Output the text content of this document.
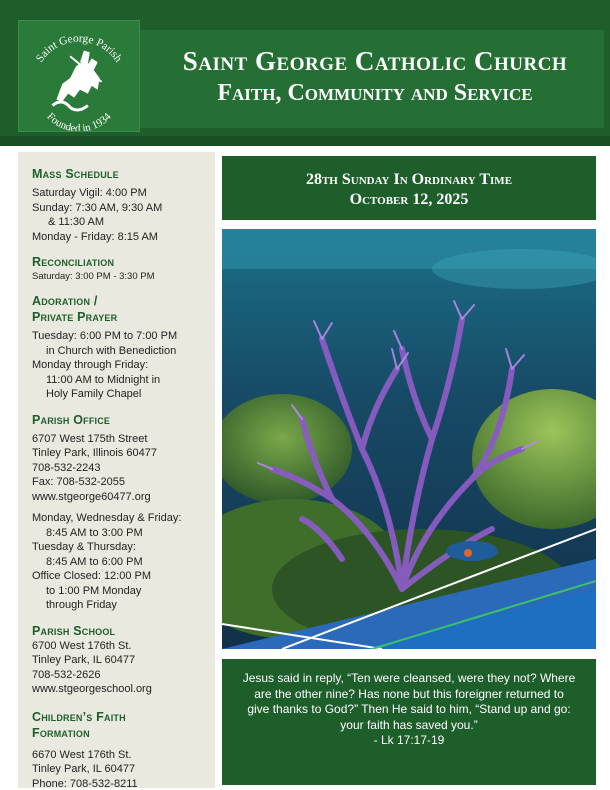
Saint George Parish
Founded in 1934
Saint George Catholic Church
Faith, Community and Service
Mass Schedule
Saturday Vigil: 4:00 PM
Sunday: 7:30 AM, 9:30 AM
& 11:30 AM
Monday - Friday: 8:15 AM
Reconciliation
Saturday: 3:00 PM - 3:30 PM
Adoration /
Private Prayer
Tuesday: 6:00 PM to 7:00 PM
in Church with Benediction
Monday through Friday:
11:00 AM to Midnight in
Holy Family Chapel
Parish Office
6707 West 175th Street
Tinley Park, Illinois 60477
708-532-2243
Fax: 708-532-2055
www.stgeorge60477.org
Monday, Wednesday & Friday:
8:45 AM to 3:00 PM
Tuesday & Thursday:
8:45 AM to 6:00 PM
Office Closed: 12:00 PM
to 1:00 PM Monday
through Friday
Parish School
6700 West 176th St.
Tinley Park, IL 60477
708-532-2626
www.stgeorgeschool.org
Children’s Faith
Formation
6670 West 176th St.
Tinley Park, IL 60477
Phone: 708-532-8211
28th Sunday In Ordinary Time
October 12, 2025
Jesus said in reply, “Ten were cleansed, were they not? Where
are the other nine? Has none but this foreigner returned to
give thanks to God?” Then He said to him, “Stand up and go:
your faith has saved you.”
- Lk 17:17-19
